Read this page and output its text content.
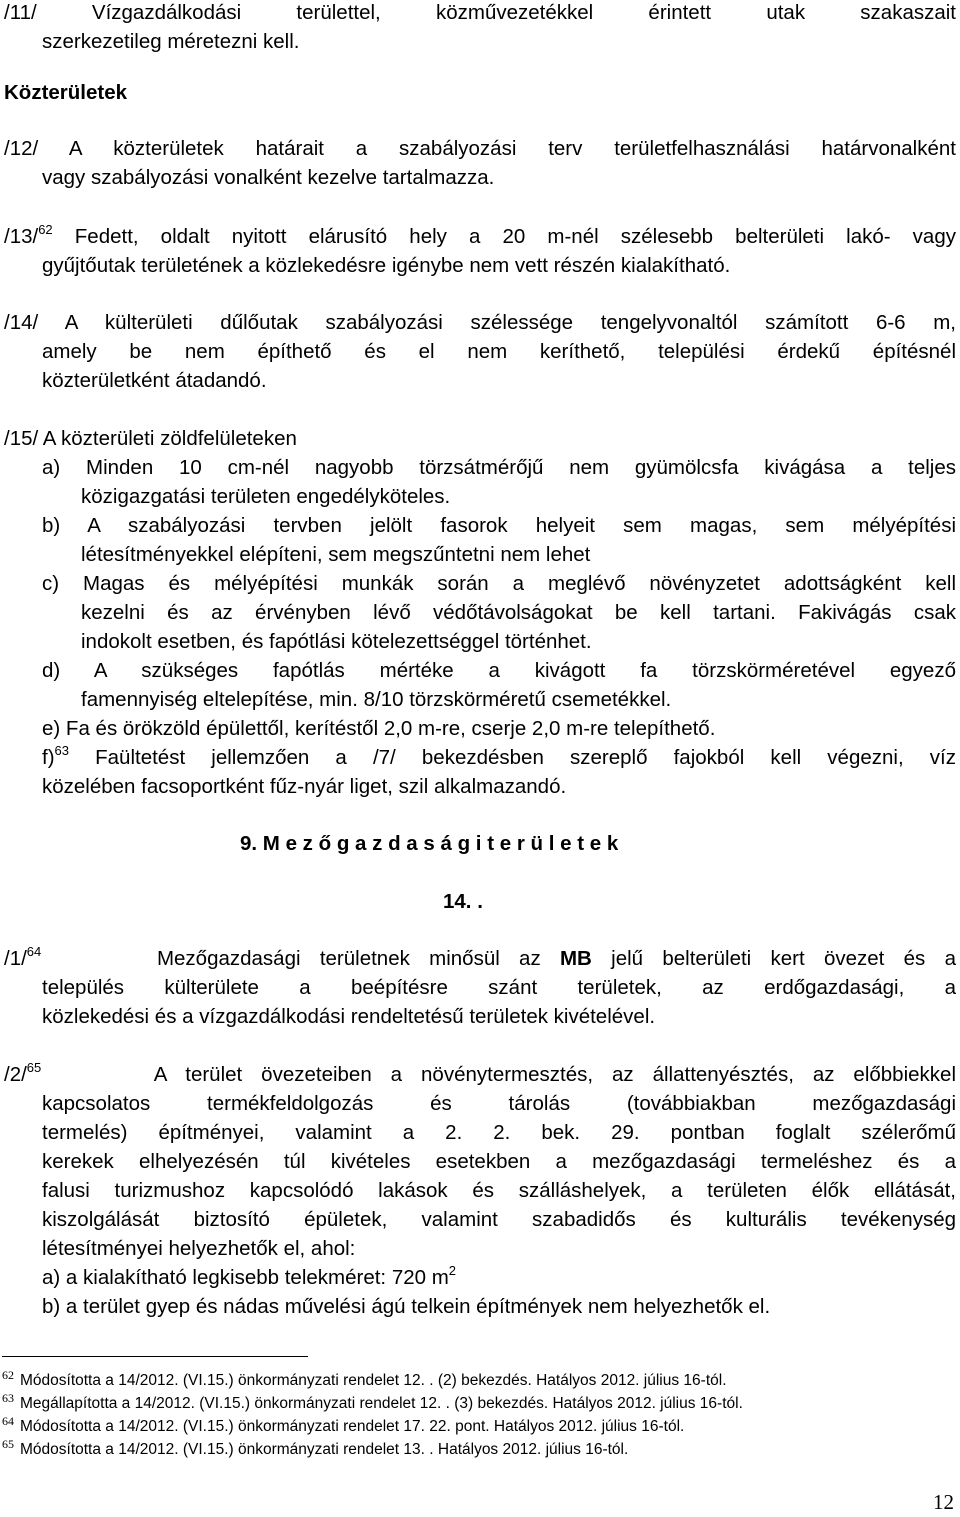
/11/	Vízgazdálkodási területtel, közművezetékkel érintett utak szakaszait
szerkezetileg méretezni kell.
Közterületek
/12/ A közterületek határait a szabályozási terv területfelhasználási határvonalként
vagy szabályozási vonalként kezelve tartalmazza.
/13/$^{62}$ Fedett, oldalt nyitott elárusító hely a 20 m-nél szélesebb belterületi lakó- vagy
gyűjtőutak területének a közlekedésre igénybe nem vett részén kialakítható.
/14/ A külterületi dűlőutak szabályozási szélessége tengelyvonaltól számított 6-6 m,
amely be nem építhető és el nem keríthető, települési érdekű építésnél
közterületként átadandó.
/15/ A közterületi zöldfelületeken
a) Minden 10 cm-nél nagyobb törzsátmérőjű nem gyümölcsfa kivágása a teljes
közigazgatási területen engedélyköteles.
b) A szabályozási tervben jelölt fasorok helyeit sem magas, sem mélyépítési
létesítményekkel elépíteni, sem megszűntetni nem lehet
c) Magas és mélyépítési munkák során a meglévő növényzetet adottságként kell
kezelni és az érvényben lévő védőtávolságokat be kell tartani. Fakivágás csak
indokolt esetben, és fapótlási kötelezettséggel történhet.
d) A szükséges fapótlás mértéke a kivágott fa törzskörméretével egyező
famennyiség eltelepítése, min. 8/10 törzskörméretű csemetékkel.
e) Fa és örökzöld épülettől, kerítéstől 2,0 m-re, cserje 2,0 m-re telepíthető.
f)$^{63}$ Faültetést jellemzően a /7/ bekezdésben szereplő fajokból kell végezni, víz
közelében facsoportként fűz-nyár liget, szil alkalmazandó.
9. M e z ő g a z d a s á g i t e r ü l e t e k
14. .
/1/$^{64}$	Mezőgazdasági területnek minősül az MB jelű belterületi kert övezet és a
település külterülete a beépítésre szánt területek, az erdőgazdasági, a
közlekedési és a vízgazdálkodási rendeltetésű területek kivételével.
/2/$^{65}$	A terület övezeteiben a növénytermesztés, az állattenyésztés, az előbbiekkel
kapcsolatos termékfeldolgozás és tárolás (továbbiakban mezőgazdasági
termelés) építményei, valamint a 2. 2. bek. 29. pontban foglalt szélerőmű
kerekek elhelyezésén túl kivételes esetekben a mezőgazdasági termeléshez és a
falusi turizmushoz kapcsolódó lakások és szálláshelyek, a területen élők ellátását,
kiszolgálását biztosító épületek, valamint szabadidős és kulturális tevékenység
létesítményei helyezhetők el, ahol:
a) a kialakítható legkisebb telekméret: 720 $m^2$
b) a terület gyep és nádas művelési ágú telkein építmények nem helyezhetők el.
$^{62}$ Módosította a 14/2012. (VI.15.) önkormányzati rendelet 12. . (2) bekezdés. Hatályos 2012. július 16-tól.
$^{63}$ Megállapította a 14/2012. (VI.15.) önkormányzati rendelet 12. . (3) bekezdés. Hatályos 2012. július 16-tól.
$^{64}$ Módosította a 14/2012. (VI.15.) önkormányzati rendelet 17. 22. pont. Hatályos 2012. július 16-tól.
$^{65}$ Módosította a 14/2012. (VI.15.) önkormányzati rendelet 13. . Hatályos 2012. július 16-tól.
12
